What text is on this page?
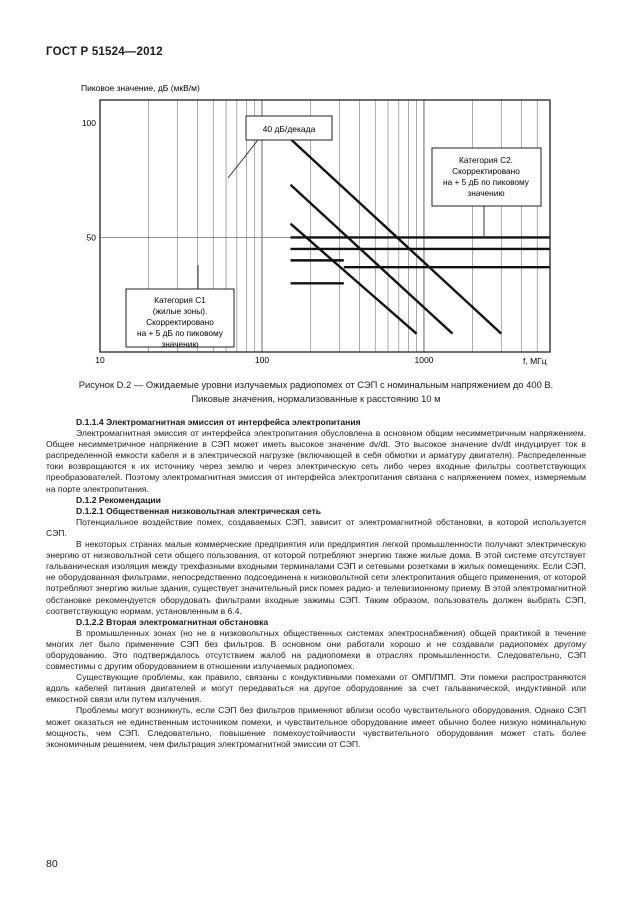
ГОСТ Р 51524—2012
Пиковое значение, дБ (мкВ/м)
10	100	1000
100
50
f, МГц
40 дБ/декада
Категория С2.
Скорректировано
на + 5 дБ по пиковому
значению
Категория С1
(жилые зоны).
Скорректировано
на + 5 дБ по пиковому
значению
Рисунок D.2 — Ожидаемые уровни излучаемых радиопомех от СЭП с номинальным напряжением до 400 В.
Пиковые значения, нормализованные к расстоянию 10 м

D.1.1.4 Электромагнитная эмиссия от интерфейса электропитания

Электромагнитная эмиссия от интерфейса электропитания обусловлена в основном общим несимметричным напряжением. Общее несимметричное напряжение в СЭП может иметь высокое значение dv/dt. Это высокое значение dv/dt индуцирует ток в распределенной емкости кабеля и в электрической нагрузке (включающей в себя обмотки и арматуру двигателя). Распределенные токи возвращаются к их источнику через землю и через электрическую сеть либо через входные фильтры соответствующих преобразователей. Поэтому электромагнитная эмиссия от интерфейса электропитания связана с напряжением помех, измеряемым на порте электропитания.

D.1.2 Рекомендации

D.1.2.1 Общественная низковольтная электрическая сеть

Потенциальное воздействие помех, создаваемых СЭП, зависит от электромагнитной обстановки, в которой используется СЭП.

В некоторых странах малые коммерческие предприятия или предприятия легкой промышленности получают электрическую энергию от низковольтной сети общего пользования, от которой потребляют энергию также жилые дома. В этой системе отсутствует гальваническая изоляция между трехфазными входными терминалами СЭП и сетевыми розетками в жилых помещениях. Если СЭП, не оборудованная фильтрами, непосредственно подсоединена к низковольтной сети электропитания общего применения, от которой потребляют энергию жилые здания, существует значительный риск помех радио- и телевизионному приему. В этой электромагнитной обстановке рекомендуется оборудовать фильтрами входные зажимы СЭП. Таким образом, пользователь должен выбрать СЭП, соответствующую нормам, установленным в 6.4.

D.1.2.2 Вторая электромагнитная обстановка

В промышленных зонах (но не в низковольтных общественных системах электроснабжения) общей практикой в течение многих лет было применение СЭП без фильтров. В основном они работали хорошо и не создавали радиопомех другому оборудованию. Это подтверждалось отсутствием жалоб на радиопомехи в отраслях промышленности. Следовательно, СЭП совместимы с другим оборудованием в отношении излучаемых радиопомех.

Существующие проблемы, как правило, связаны с кондуктивными помехами от ОМП/ПМП. Эти помехи распространяются вдоль кабелей питания двигателей и могут передаваться на другое оборудование за счет гальванической, индуктивной или емкостной связи или путем излучения.

Проблемы могут возникнуть, если СЭП без фильтров применяют вблизи особо чувствительного оборудования. Однако СЭП может оказаться не единственным источником помехи, и чувствительное оборудование имеет обычно более низкую номинальную мощность, чем СЭП. Следовательно, повышение помехоустойчивости чувствительного оборудования может стать более экономичным решением, чем фильтрация электромагнитной эмиссии от СЭП.

80
